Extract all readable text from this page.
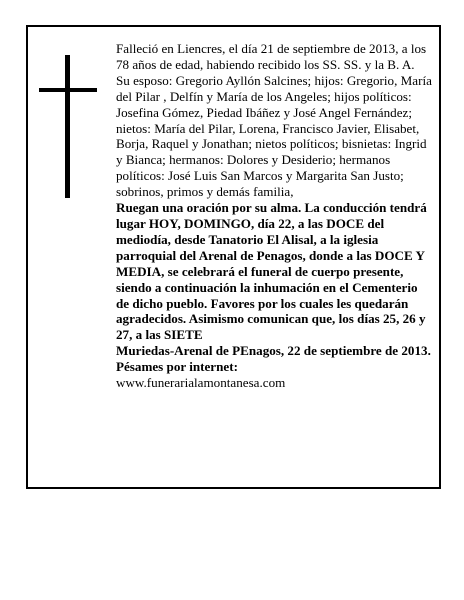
Falleció en Liencres, el día 21 de septiembre de 2013, a los 78 años de edad, habiendo recibido los SS. SS. y la B. A.

Su esposo: Gregorio Ayllón Salcines; hijos: Gregorio, María del Pilar , Delfín y María de los Angeles; hijos políticos: Josefina Gómez, Piedad Ibáñez y José Angel Fernández; nietos: María del Pilar, Lorena, Francisco Javier, Elisabet, Borja, Raquel y Jonathan; nietos políticos; bisnietas: Ingrid y Bianca; hermanos: Dolores y Desiderio; hermanos políticos: José Luis San Marcos y Margarita San Justo; sobrinos, primos y demás familia,

Ruegan una oración por su alma. La conducción tendrá lugar HOY, DOMINGO, día 22, a las DOCE del mediodía, desde Tanatorio El Alisal, a la iglesia parroquial del Arenal de Penagos, donde a las DOCE Y MEDIA, se celebrará el funeral de cuerpo presente, siendo a continuación la inhumación en el Cementerio de dicho pueblo. Favores por los cuales les quedarán agradecidos. Asimismo comunican que, los días 25, 26 y 27, a las SIETE

Muriedas-Arenal de PEnagos, 22 de septiembre de 2013. Pésames por internet:

www.funerarialamontanesa.com
